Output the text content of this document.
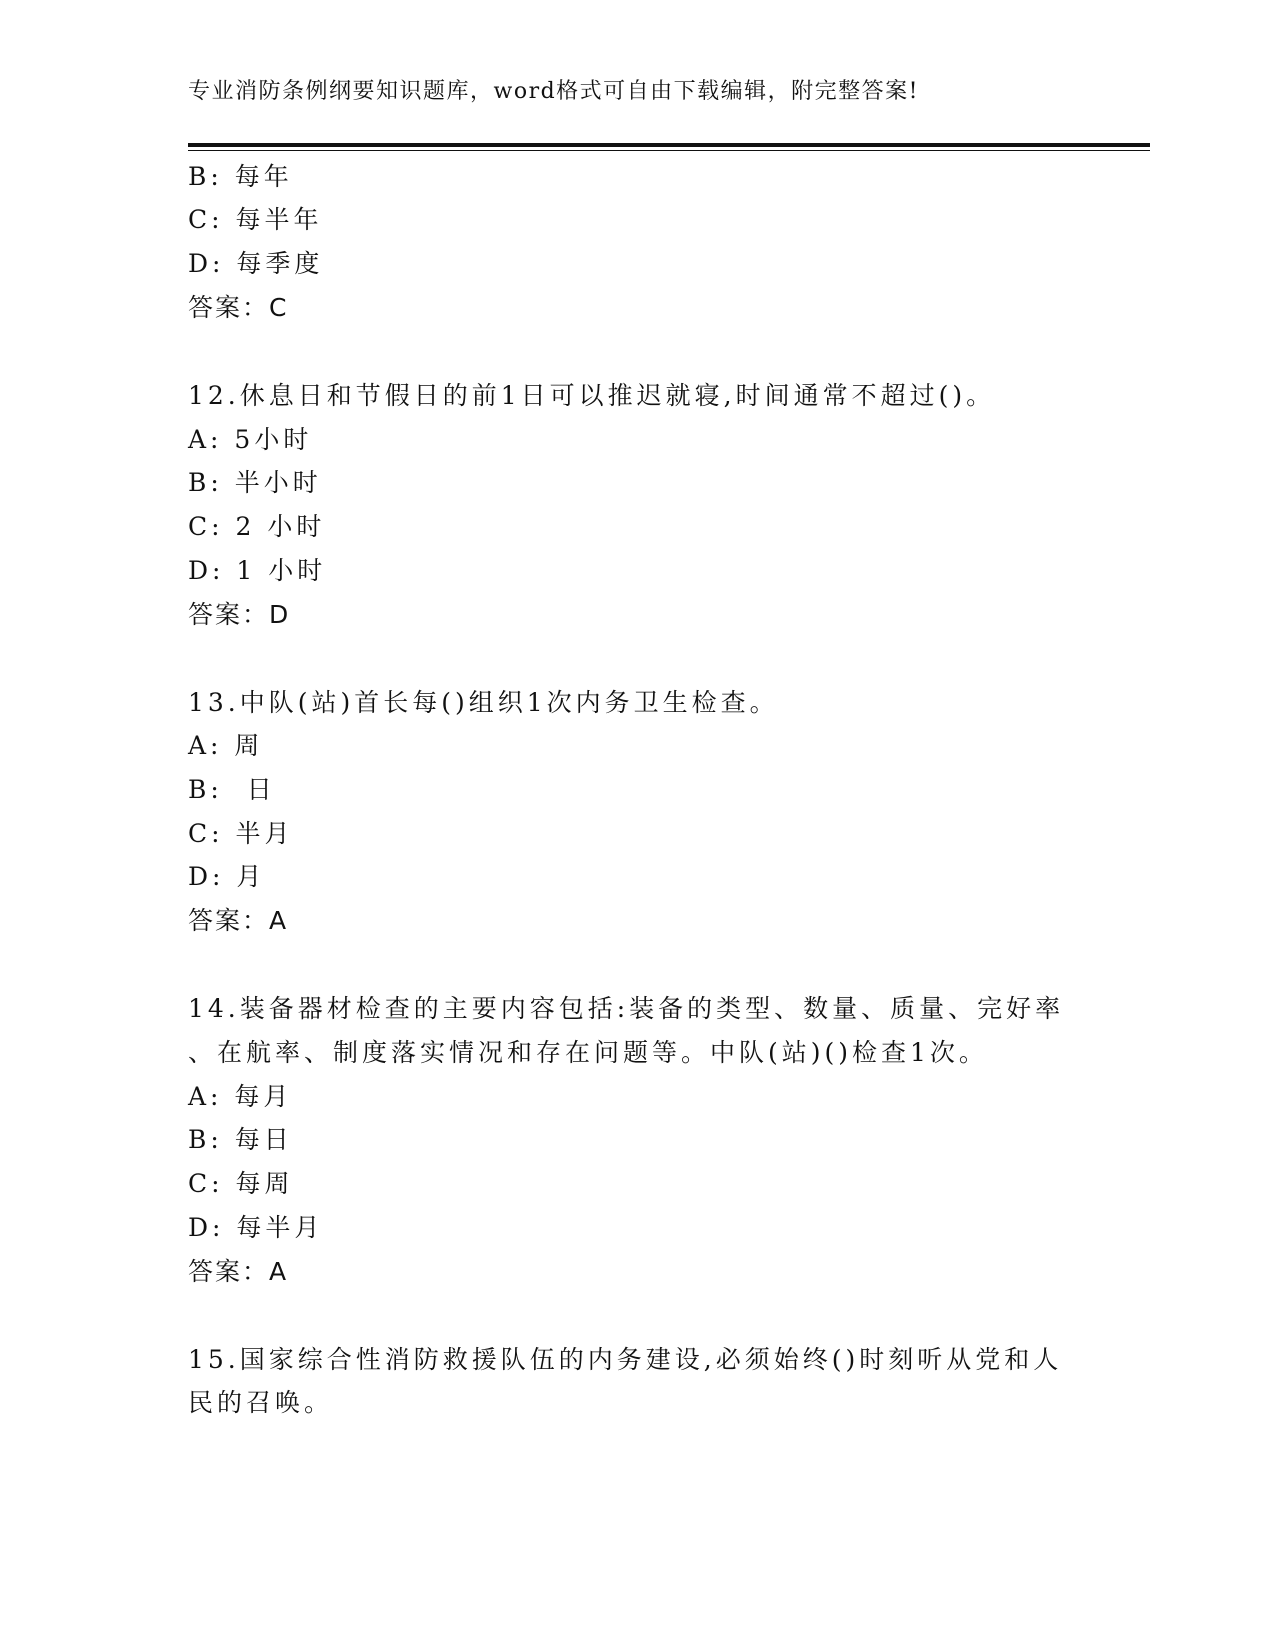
专业消防条例纲要知识题库，word格式可自由下载编辑，附完整答案!
B: 每年
C: 每半年
D: 每季度
答案：C
12.休息日和节假日的前1日可以推迟就寝,时间通常不超过()。
A: 5小时
B: 半小时
C: 2 小时
D: 1 小时
答案：D
13.中队(站)首长每()组织1次内务卫生检查。
A: 周
B:  日
C: 半月
D: 月
答案：A
14.装备器材检查的主要内容包括:装备的类型、数量、质量、完好率
、在航率、制度落实情况和存在问题等。中队(站)()检查1次。
A: 每月
B: 每日
C: 每周
D: 每半月
答案：A
15.国家综合性消防救援队伍的内务建设,必须始终()时刻听从党和人
民的召唤。
